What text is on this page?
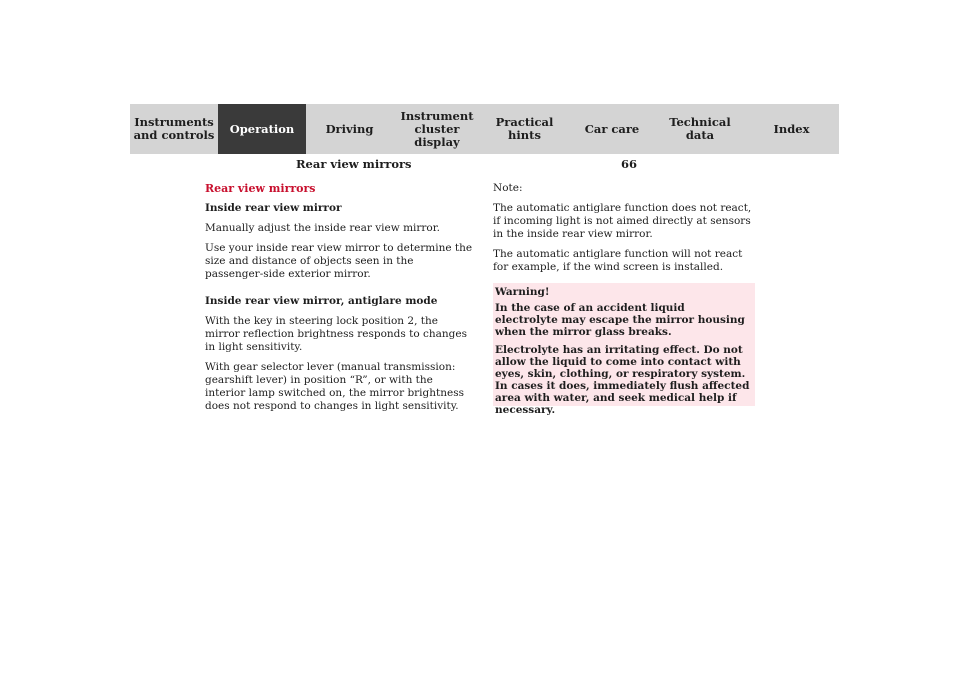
Instruments
and controls Operation	Driving
Instrument
cluster display
Practical hints	Car care	Technical
data	Index
Rear view mirrors	66

Rear view mirrors

Inside rear view mirror

Manually adjust the inside rear view mirror.

Use your inside rear view mirror to determine the size and distance of objects seen in the passenger-side exterior mirror.

Inside rear view mirror, antiglare mode

With the key in steering lock position 2, the mirror reflection brightness responds to changes in light sensitivity.

With gear selector lever (manual transmission: gearshift lever) in position “R”, or with the interior lamp switched on, the mirror brightness does not respond to changes in light sensitivity.

Note:

The automatic antiglare function does not react, if incoming light is not aimed directly at sensors in the inside rear view mirror.

The automatic antiglare function will not react for example, if the wind screen is installed.

Warning!

In the case of an accident liquid electrolyte may escape the mirror housing when the mirror glass breaks.

Electrolyte has an irritating effect. Do not allow the liquid to come into contact with eyes, skin, clothing, or respiratory system. In cases it does, immediately flush affected area with water, and seek medical help if necessary.
